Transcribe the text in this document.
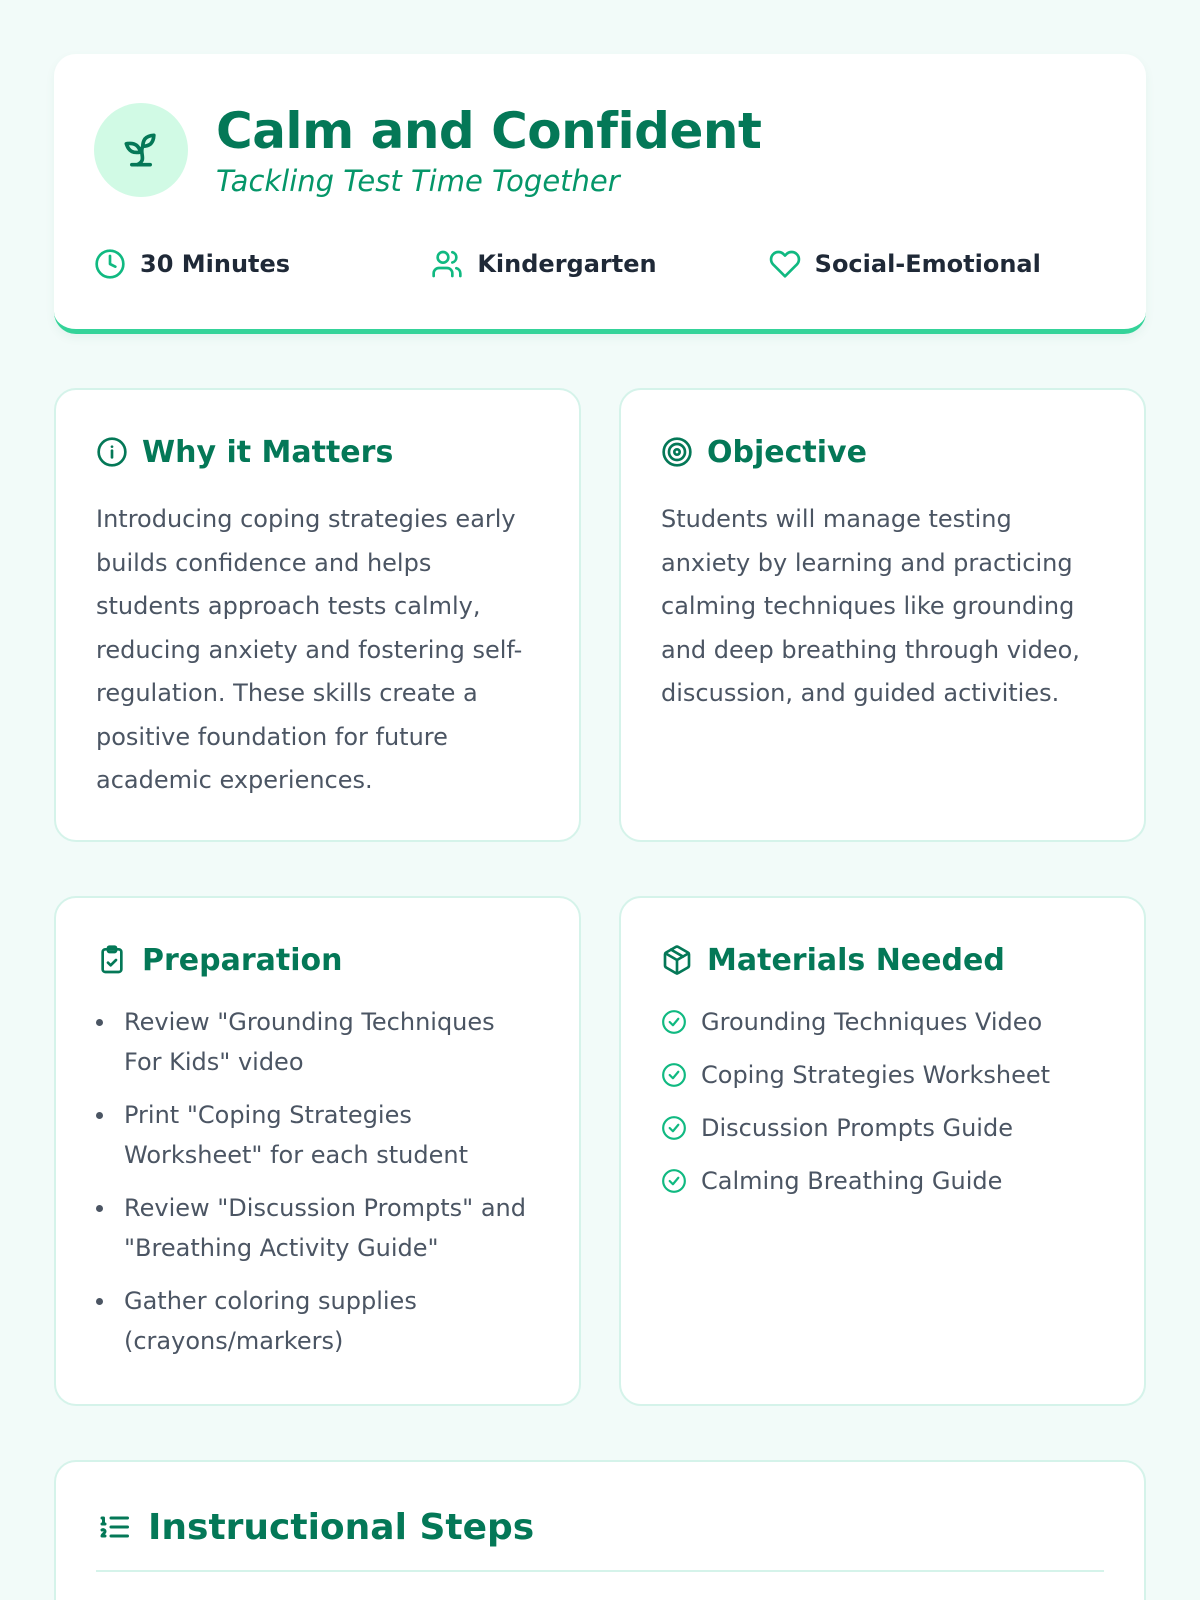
Calm and Confident
Tackling Test Time Together
30 Minutes	Kindergarten	Social-Emotional
Why it Matters
Introducing coping strategies early builds confidence and helps students approach tests calmly, reducing anxiety and fostering self-regulation. These skills create a positive foundation for future academic experiences.
Objective
Students will manage testing anxiety by learning and practicing calming techniques like grounding and deep breathing through video, discussion, and guided activities.
Preparation
Review "Grounding Techniques For Kids" video
Print "Coping Strategies Worksheet" for each student
Review "Discussion Prompts" and "Breathing Activity Guide"
Gather coloring supplies (crayons/markers)
Materials Needed
Grounding Techniques Video
Coping Strategies Worksheet
Discussion Prompts Guide
Calming Breathing Guide
Instructional Steps
